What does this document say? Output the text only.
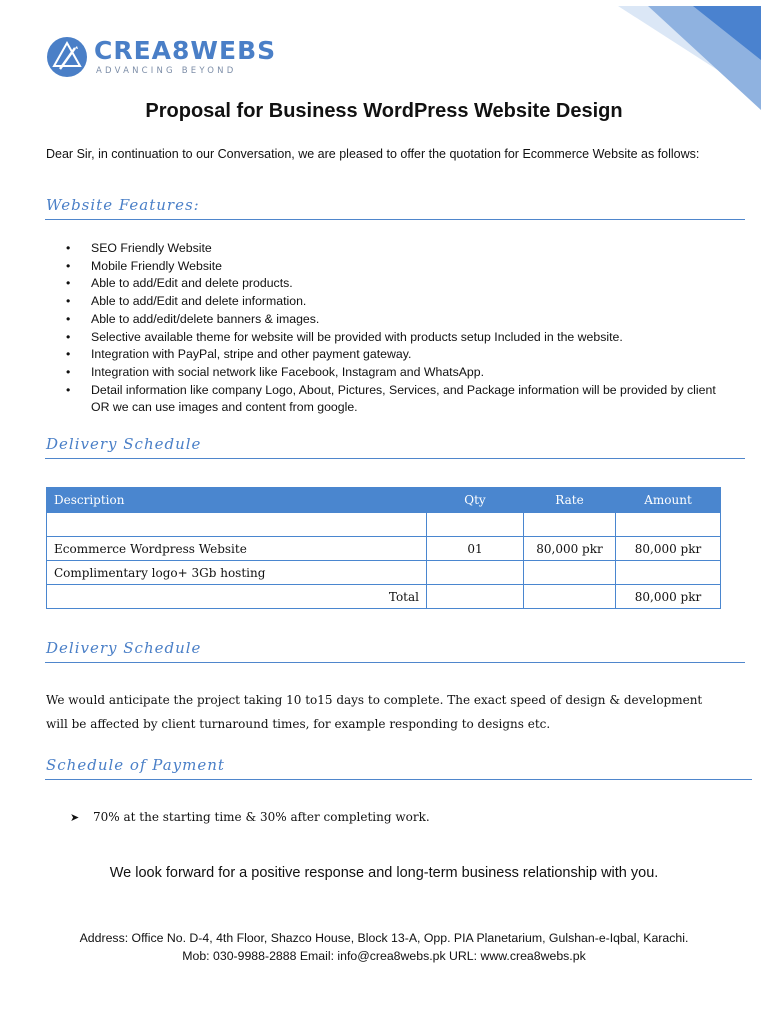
CREA8WEBS
ADVANCING BEYOND
Proposal for Business WordPress Website Design
Dear Sir, in continuation to our Conversation, we are pleased to offer the quotation for Ecommerce Website as follows:
Website Features:
• SEO Friendly Website
• Mobile Friendly Website
• Able to add/Edit and delete products.
• Able to add/Edit and delete information.
• Able to add/edit/delete banners & images.
• Selective available theme for website will be provided with products setup Included in the website.
• Integration with PayPal, stripe and other payment gateway.
• Integration with social network like Facebook, Instagram and WhatsApp.
• Detail information like company Logo, About, Pictures, Services, and Package information will be provided by client OR we can use images and content from google.
Delivery Schedule
Description	Qty	Rate	Amount

Ecommerce Wordpress Website	01	80,000 pkr	80,000 pkr
Complimentary logo+ 3Gb hosting			
Total			80,000 pkr
Delivery Schedule
We would anticipate the project taking 10 to15 days to complete. The exact speed of design & development will be affected by client turnaround times, for example responding to designs etc.
Schedule of Payment
➤ 70% at the starting time & 30% after completing work.
We look forward for a positive response and long-term business relationship with you.
Address: Office No. D-4, 4th Floor, Shazco House, Block 13-A, Opp. PIA Planetarium, Gulshan-e-Iqbal, Karachi.
Mob: 030-9988-2888 Email: info@crea8webs.pk URL: www.crea8webs.pk
